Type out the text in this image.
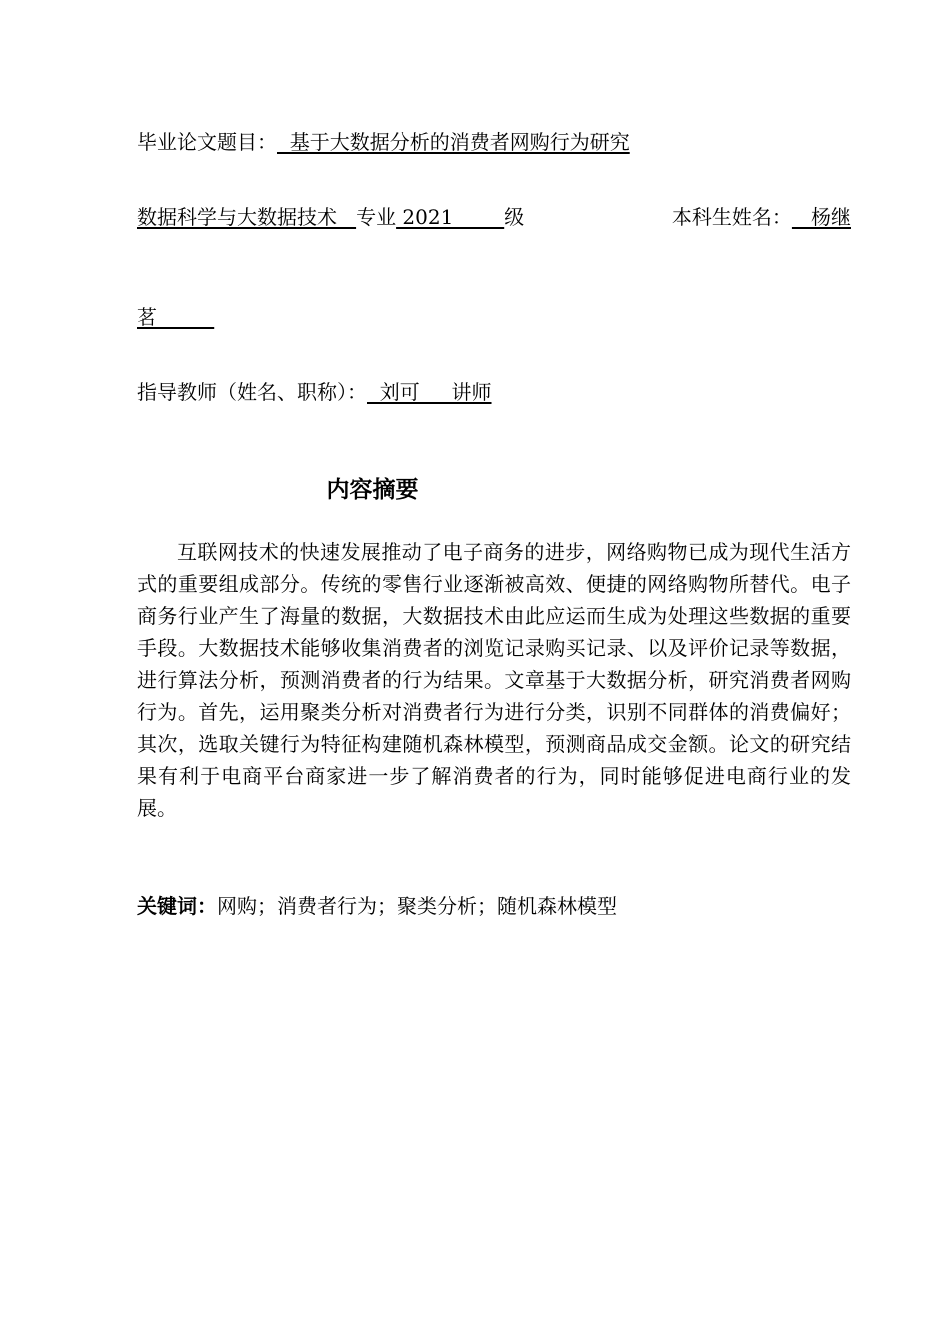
毕业论文题目：  基于大数据分析的消费者网购行为研究
数据科学与大数据技术   专业 2021        级	本科生姓名：   杨继
茗
指导教师（姓名、职称）：  刘可     讲师
内容摘要

互联网技术的快速发展推动了电子商务的进步，网络购物已成为现代生活方式的重要组成部分。传统的零售行业逐渐被高效、便捷的网络购物所替代。电子商务行业产生了海量的数据，大数据技术由此应运而生成为处理这些数据的重要手段。大数据技术能够收集消费者的浏览记录购买记录、以及评价记录等数据，进行算法分析，预测消费者的行为结果。文章基于大数据分析，研究消费者网购行为。首先，运用聚类分析对消费者行为进行分类，识别不同群体的消费偏好；其次，选取关键行为特征构建随机森林模型，预测商品成交金额。论文的研究结果有利于电商平台商家进一步了解消费者的行为，同时能够促进电商行业的发展。

关键词：网购；消费者行为；聚类分析；随机森林模型
